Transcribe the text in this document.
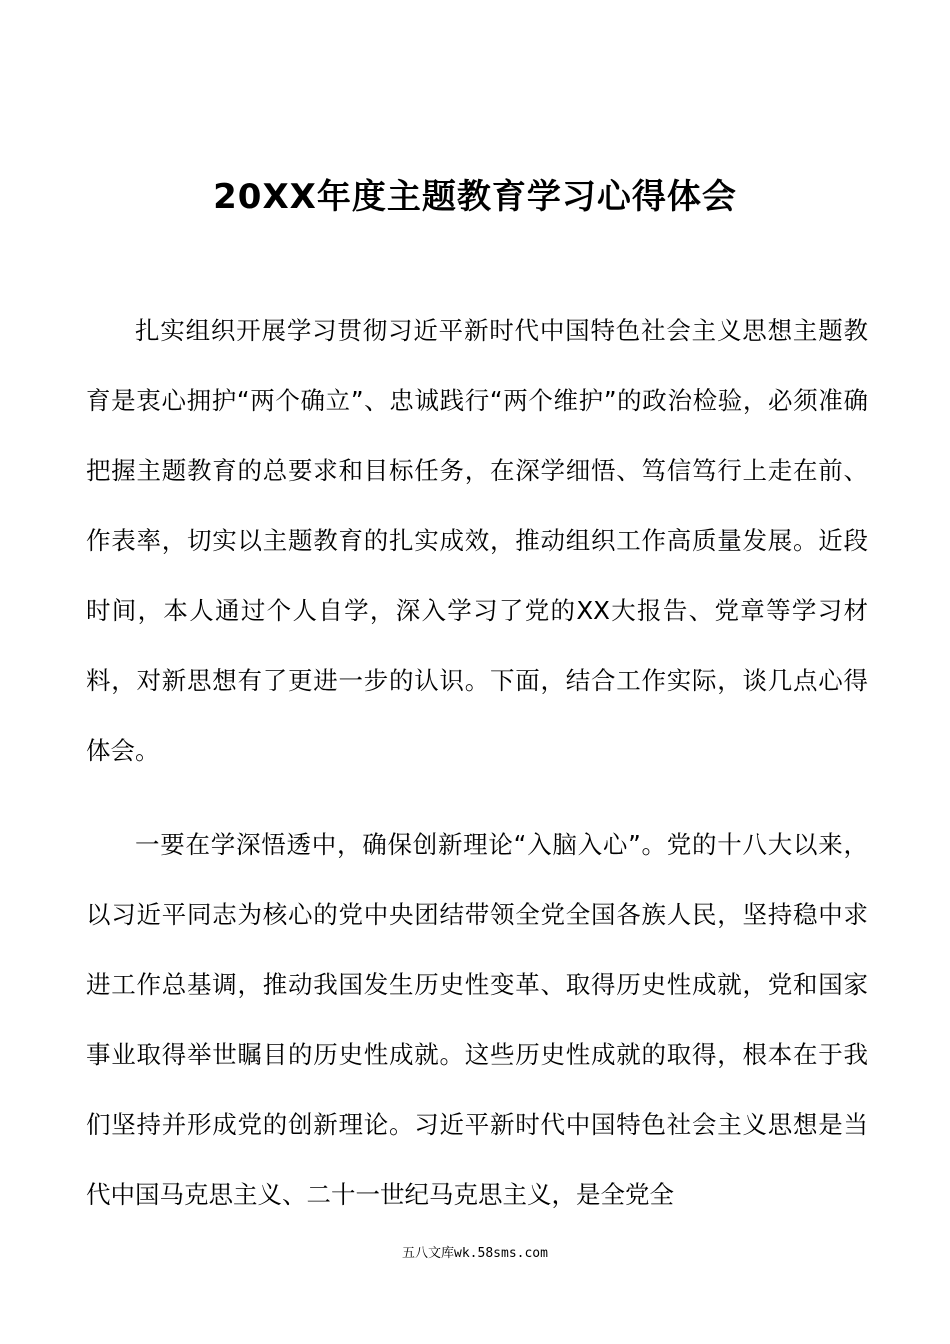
20XX年度主题教育学习心得体会

扎实组织开展学习贯彻习近平新时代中国特色社会主义思想主题教育是衷心拥护“两个确立”、忠诚践行“两个维护”的政治检验，必须准确把握主题教育的总要求和目标任务，在深学细悟、笃信笃行上走在前、作表率，切实以主题教育的扎实成效，推动组织工作高质量发展。近段时间，本人通过个人自学，深入学习了党的XX大报告、党章等学习材料，对新思想有了更进一步的认识。下面，结合工作实际，谈几点心得体会。

一要在学深悟透中，确保创新理论“入脑入心”。党的十八大以来，以习近平同志为核心的党中央团结带领全党全国各族人民，坚持稳中求进工作总基调，推动我国发生历史性变革、取得历史性成就，党和国家事业取得举世瞩目的历史性成就。这些历史性成就的取得，根本在于我们坚持并形成党的创新理论。习近平新时代中国特色社会主义思想是当代中国马克思主义、二十一世纪马克思主义，是全党全

五八文库wk.58sms.com
